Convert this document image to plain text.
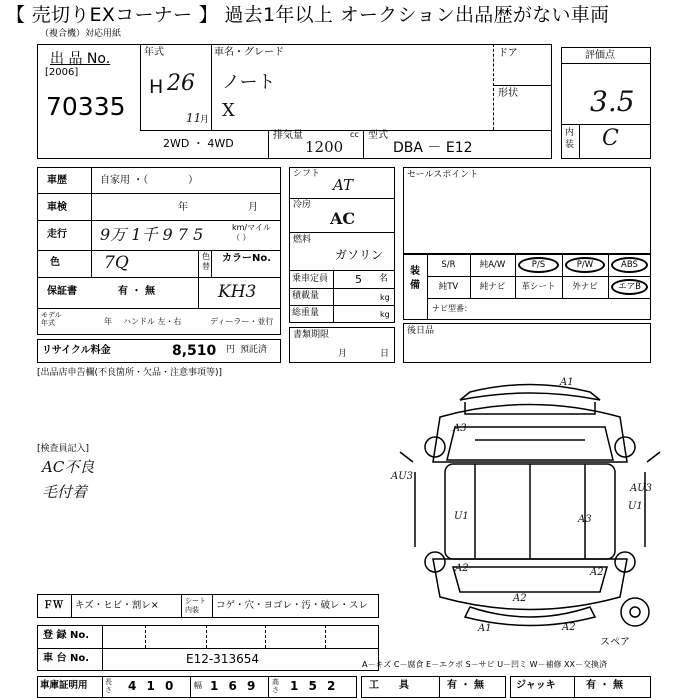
【 売切りEXコーナー 】 過去1年以上 オークション出品歴がない車両
（複合機）対応用紙
出 品 No.
[2006]
70335
年式
H 26
11
月
車名・グレード
ノート
X
ドア
形状
2WD ・ 4WD
排気量	cc
1200
型式
DBA － E12
評価点
3.5
内装 C
車歴	自家用 ・（　　　　）
車検	年	月
走行 9万 1千 9 7 5	km/マイル（ ）
色	7Q	色替
カラーNo.
KH3
保証書	有 ・ 無
モデル年式	年 ハンドル 左・右	ディーラー・並行
シフト
AT
冷房
AC
燃料
ガソリン
乗車定員 5 名
積載量	kg
総重量	kg
書類期限
月	日
セールスポイント
装備
S/R	純A/W	P/S	P/W	ABS
純TV	純ナビ	革シート	外ナビ	エアB
ナビ型番：
後日品
リサイクル料金	8,510 円 預託済
[出品店申告欄(不良箇所・欠品・注意事項等)]
[検査員記入]
AC不良
毛付着
ＦＷ キズ・ヒビ・割レ×	シート内装	コゲ・穴・ヨゴレ・汚・破レ・スレ
登 録 No.
車 台 No.	E12-313654
車庫証明用 長さ 4 1 0 幅 1 6 9 高さ 1 5 2	工　　具	有 ・ 無	ジャッキ	有 ・ 無
A－キズ C－腐食 E－エクボ S－サビ U－凹ミ W－補修 XX－交換済
スペア
A1
A3
AU3
U1	A3
AU3
U1
A2
A2
A2
A1	A2
